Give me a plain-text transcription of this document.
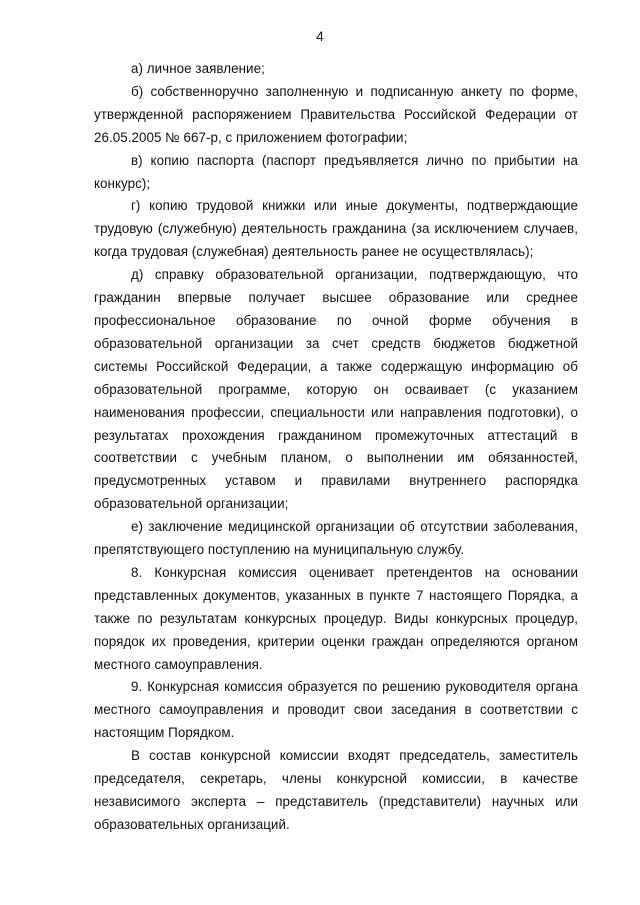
4

а) личное заявление;

б) собственноручно заполненную и подписанную анкету по форме, утвержденной распоряжением Правительства Российской Федерации от 26.05.2005 № 667-р, с приложением фотографии;

в) копию паспорта (паспорт предъявляется лично по прибытии на конкурс);

г) копию трудовой книжки или иные документы, подтверждающие трудовую (служебную) деятельность гражданина (за исключением случаев, когда трудовая (служебная) деятельность ранее не осуществлялась);

д) справку образовательной организации, подтверждающую, что гражданин впервые получает высшее образование или среднее профессиональное образование по очной форме обучения в образовательной организации за счет средств бюджетов бюджетной системы Российской Федерации, а также содержащую информацию об образовательной программе, которую он осваивает (с указанием наименования профессии, специальности или направления подготовки), о результатах прохождения гражданином промежуточных аттестаций в соответствии с учебным планом, о выполнении им обязанностей, предусмотренных уставом и правилами внутреннего распорядка образовательной организации;

е) заключение медицинской организации об отсутствии заболевания, препятствующего поступлению на муниципальную службу.

8. Конкурсная комиссия оценивает претендентов на основании представленных документов, указанных в пункте 7 настоящего Порядка, а также по результатам конкурсных процедур. Виды конкурсных процедур, порядок их проведения, критерии оценки граждан определяются органом местного самоуправления.

9. Конкурсная комиссия образуется по решению руководителя органа местного самоуправления и проводит свои заседания в соответствии с настоящим Порядком.

В состав конкурсной комиссии входят председатель, заместитель председателя, секретарь, члены конкурсной комиссии, в качестве независимого эксперта – представитель (представители) научных или образовательных организаций.
